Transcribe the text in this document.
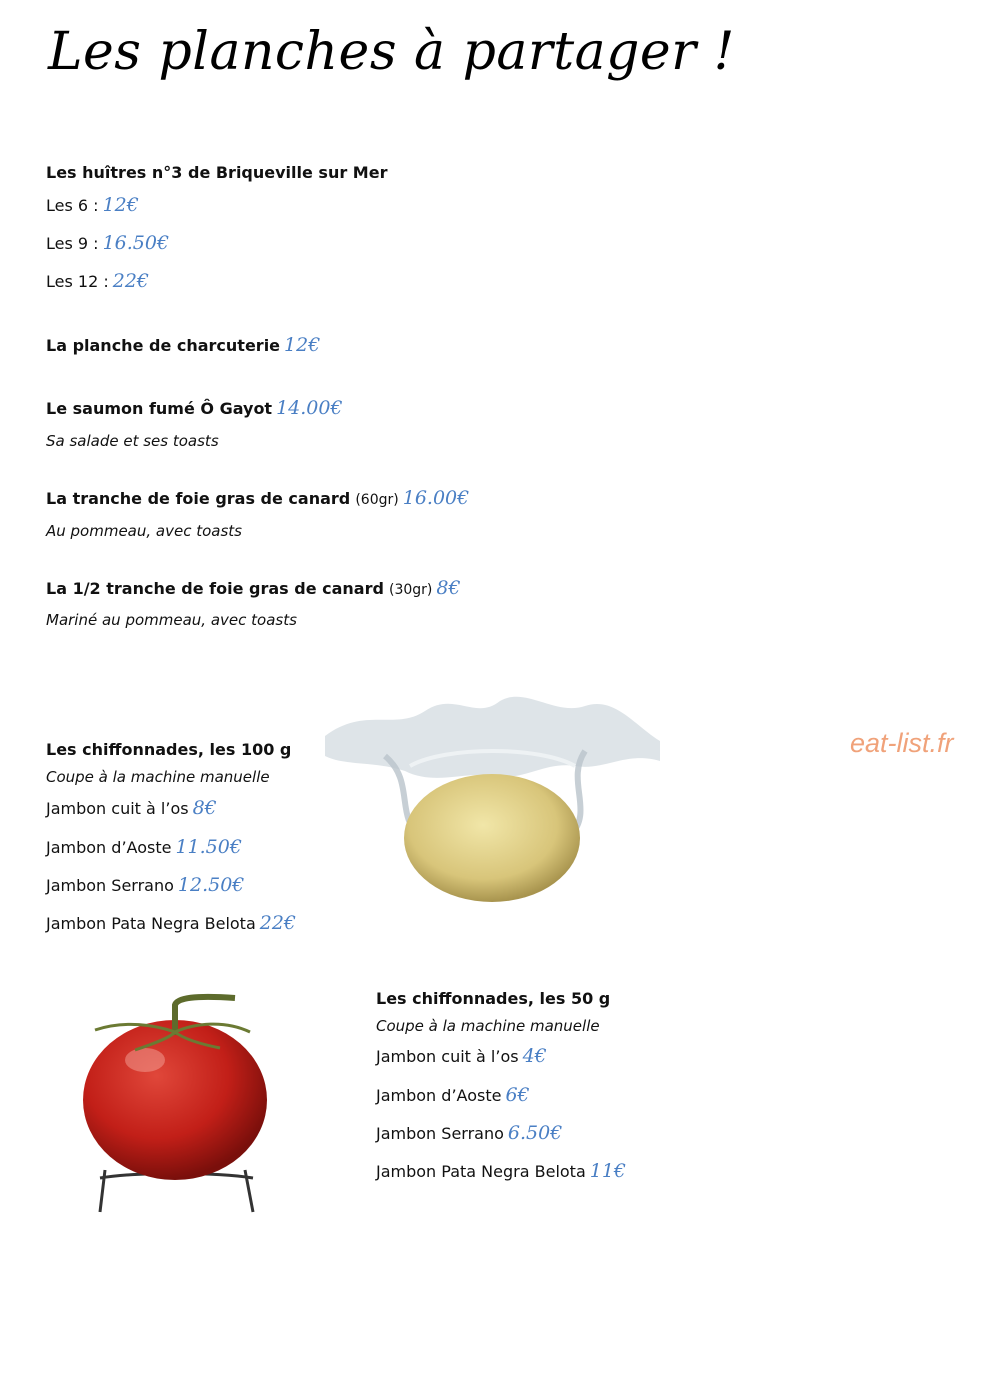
Les planches à partager !
Les huîtres n°3 de Briqueville sur Mer
Les 6 : 12€
Les 9 : 16.50€
Les 12 : 22€
La planche de charcuterie 12€
Le saumon fumé Ô Gayot 14.00€
Sa salade et ses toasts
La tranche de foie gras de canard (60gr) 16.00€
Au pommeau, avec toasts
La 1/2 tranche de foie gras de canard (30gr) 8€
Mariné au pommeau, avec toasts
eat-list.fr
Les chiffonnades, les 100 g
Coupe à la machine manuelle
Jambon cuit à l’os 8€
Jambon d’Aoste 11.50€
Jambon Serrano 12.50€
Jambon Pata Negra Belota 22€
Les chiffonnades, les 50 g
Coupe à la machine manuelle
Jambon cuit à l’os 4€
Jambon d’Aoste 6€
Jambon Serrano 6.50€
Jambon Pata Negra Belota 11€
